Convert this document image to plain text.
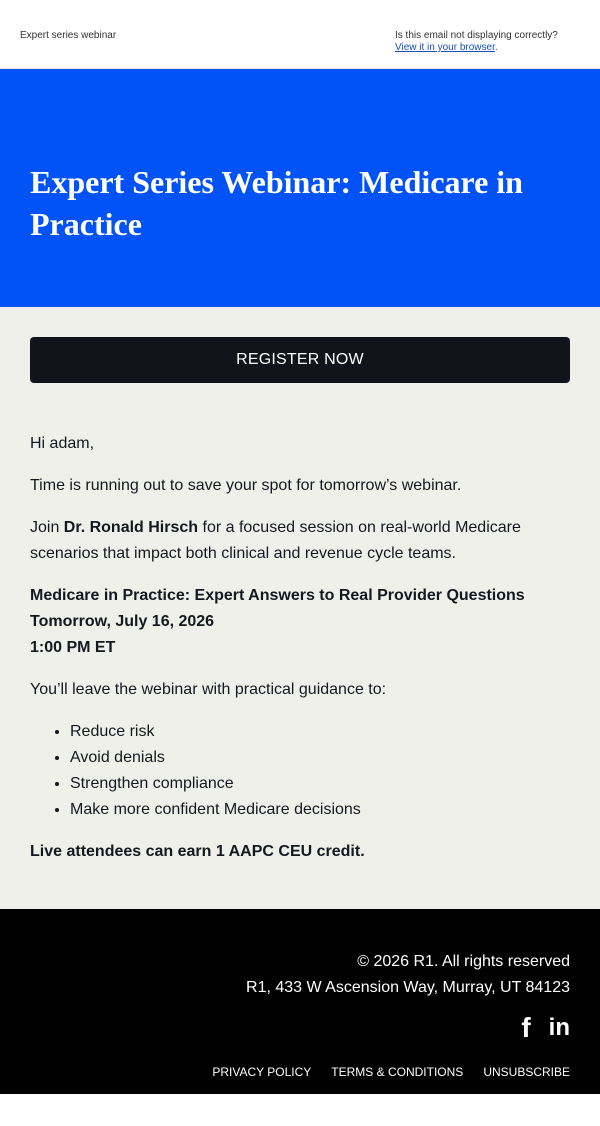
Expert series webinar	Is this email not displaying correctly?
View it in your browser.
Expert Series Webinar: Medicare in Practice
REGISTER NOW

Hi adam,

Time is running out to save your spot for tomorrow’s webinar.

Join Dr. Ronald Hirsch for a focused session on real-world Medicare scenarios that impact both clinical and revenue cycle teams.

Medicare in Practice: Expert Answers to Real Provider Questions
Tomorrow, July 16, 2026
1:00 PM ET

You’ll leave the webinar with practical guidance to:

• Reduce risk
• Avoid denials
• Strengthen compliance
• Make more confident Medicare decisions

Live attendees can earn 1 AAPC CEU credit.

© 2026 R1. All rights reserved
R1, 433 W Ascension Way, Murray, UT 84123
f in
PRIVACY POLICY TERMS & CONDITIONS UNSUBSCRIBE
